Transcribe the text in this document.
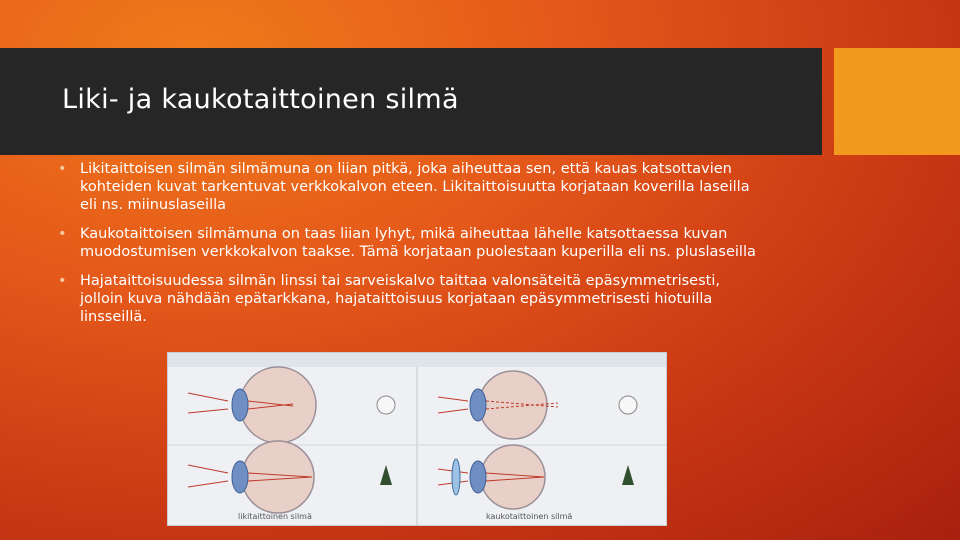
Liki- ja kaukotaittoinen silmä
• Likitaittoisen silmän silmämuna on liian pitkä, joka aiheuttaa sen, että kauas katsottavien kohteiden kuvat tarkentuvat verkkokalvon eteen. Likitaittoisuutta korjataan koverilla laseilla eli ns. miinuslaseilla
• Kaukotaittoisen silmämuna on taas liian lyhyt, mikä aiheuttaa lähelle katsottaessa kuvan muodostumisen verkkokalvon taakse. Tämä korjataan puolestaan kuperilla eli ns. pluslaseilla
• Hajataittoisuudessa silmän linssi tai sarveiskalvo taittaa valonsäteitä epäsymmetrisesti, jolloin kuva nähdään epätarkkana, hajataittoisuus korjataan epäsymmetrisesti hiotuilla linsseillä.
likitaittoinen silmä	kaukotaittoinen silmä
